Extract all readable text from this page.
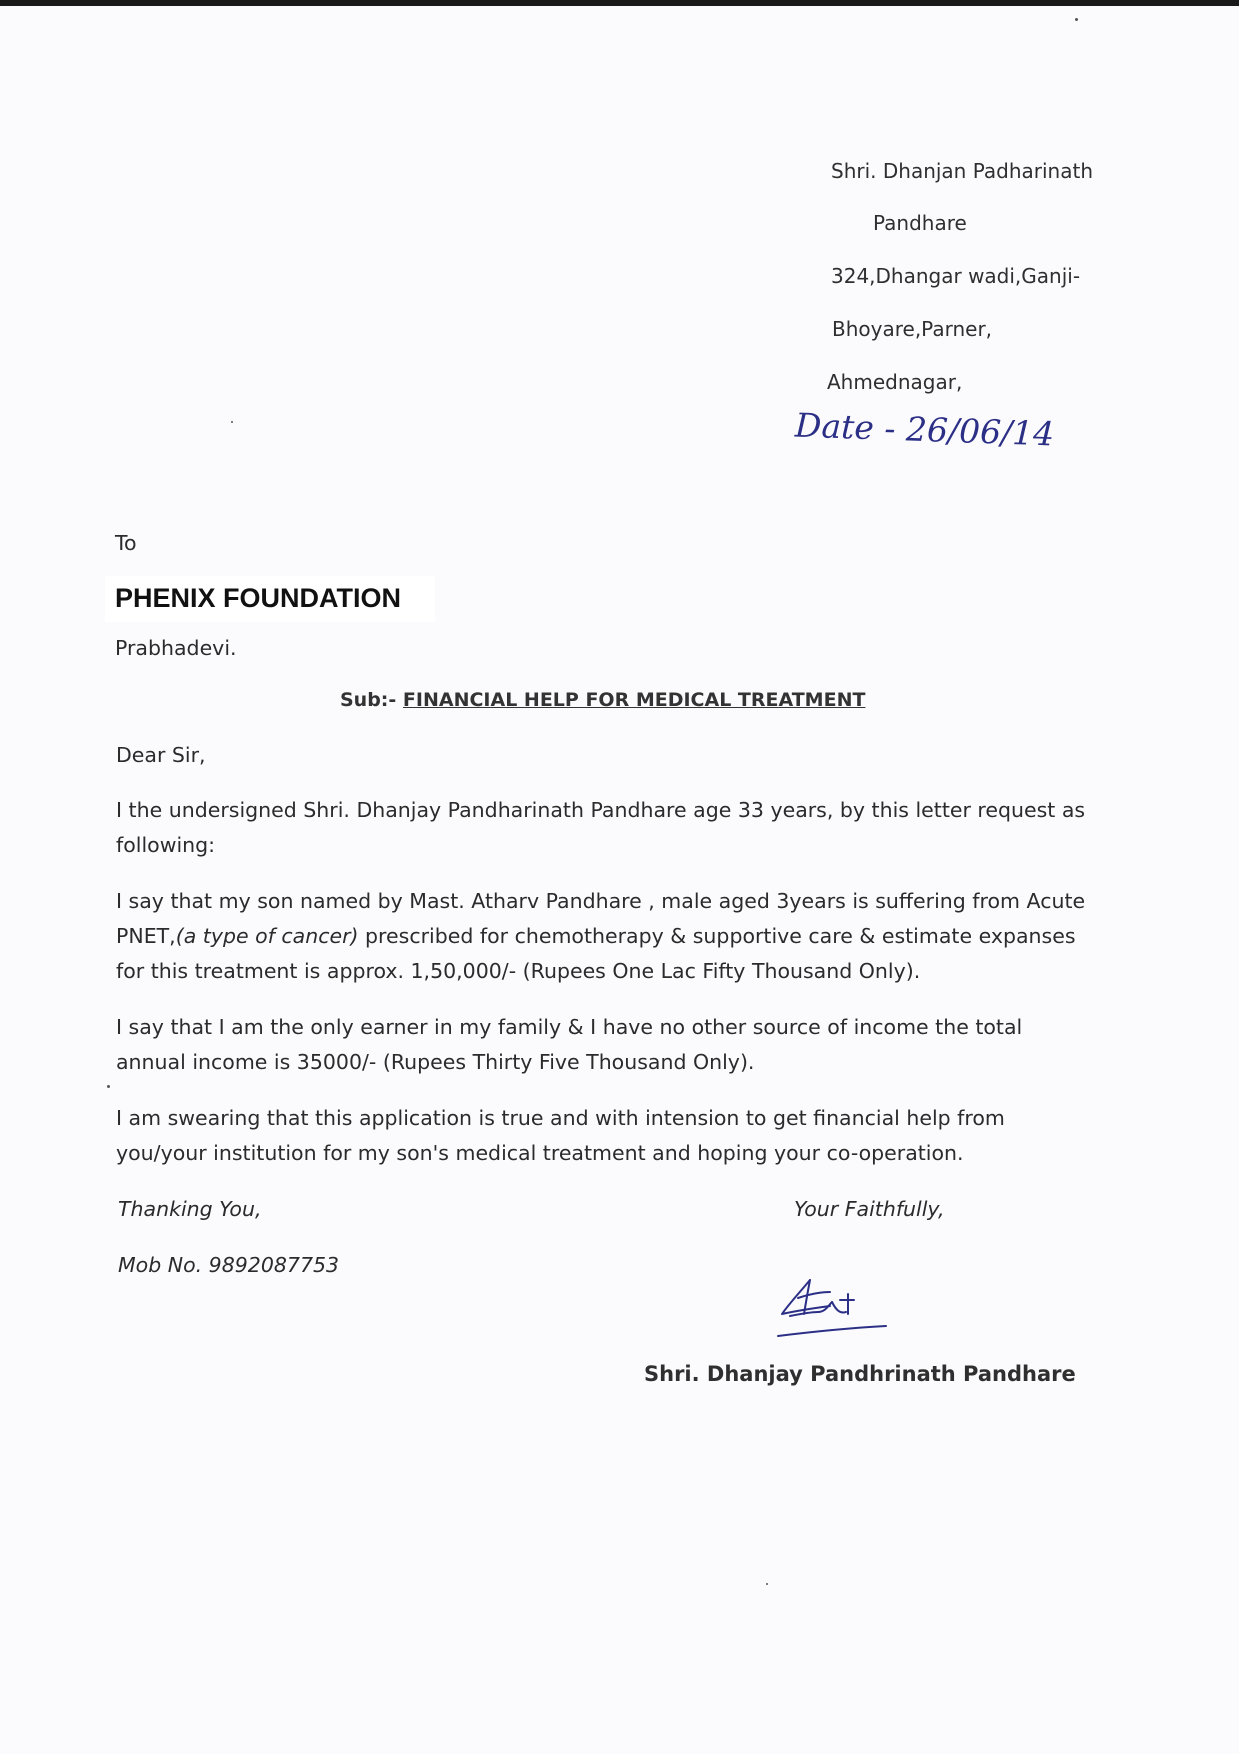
Shri. Dhanjan Padharinath
Pandhare
324,Dhangar wadi,Ganji-
Bhoyare,Parner,
Ahmednagar,
Date - 26/06/14
To
PHENIX FOUNDATION
Prabhadevi.
Sub:- FINANCIAL HELP FOR MEDICAL TREATMENT
Dear Sir,
I the undersigned Shri. Dhanjay Pandharinath Pandhare age 33 years, by this letter request as following:
I say that my son named by Mast. Atharv Pandhare , male aged 3years is suffering from Acute PNET,(a type of cancer) prescribed for chemotherapy & supportive care & estimate expanses for this treatment is approx. 1,50,000/- (Rupees One Lac Fifty Thousand Only).
I say that I am the only earner in my family & I have no other source of income the total annual income is 35000/- (Rupees Thirty Five Thousand Only).
I am swearing that this application is true and with intension to get financial help from you/your institution for my son's medical treatment and hoping your co-operation.
Thanking You,	Your Faithfully,
Mob No. 9892087753
Shri. Dhanjay Pandhrinath Pandhare
